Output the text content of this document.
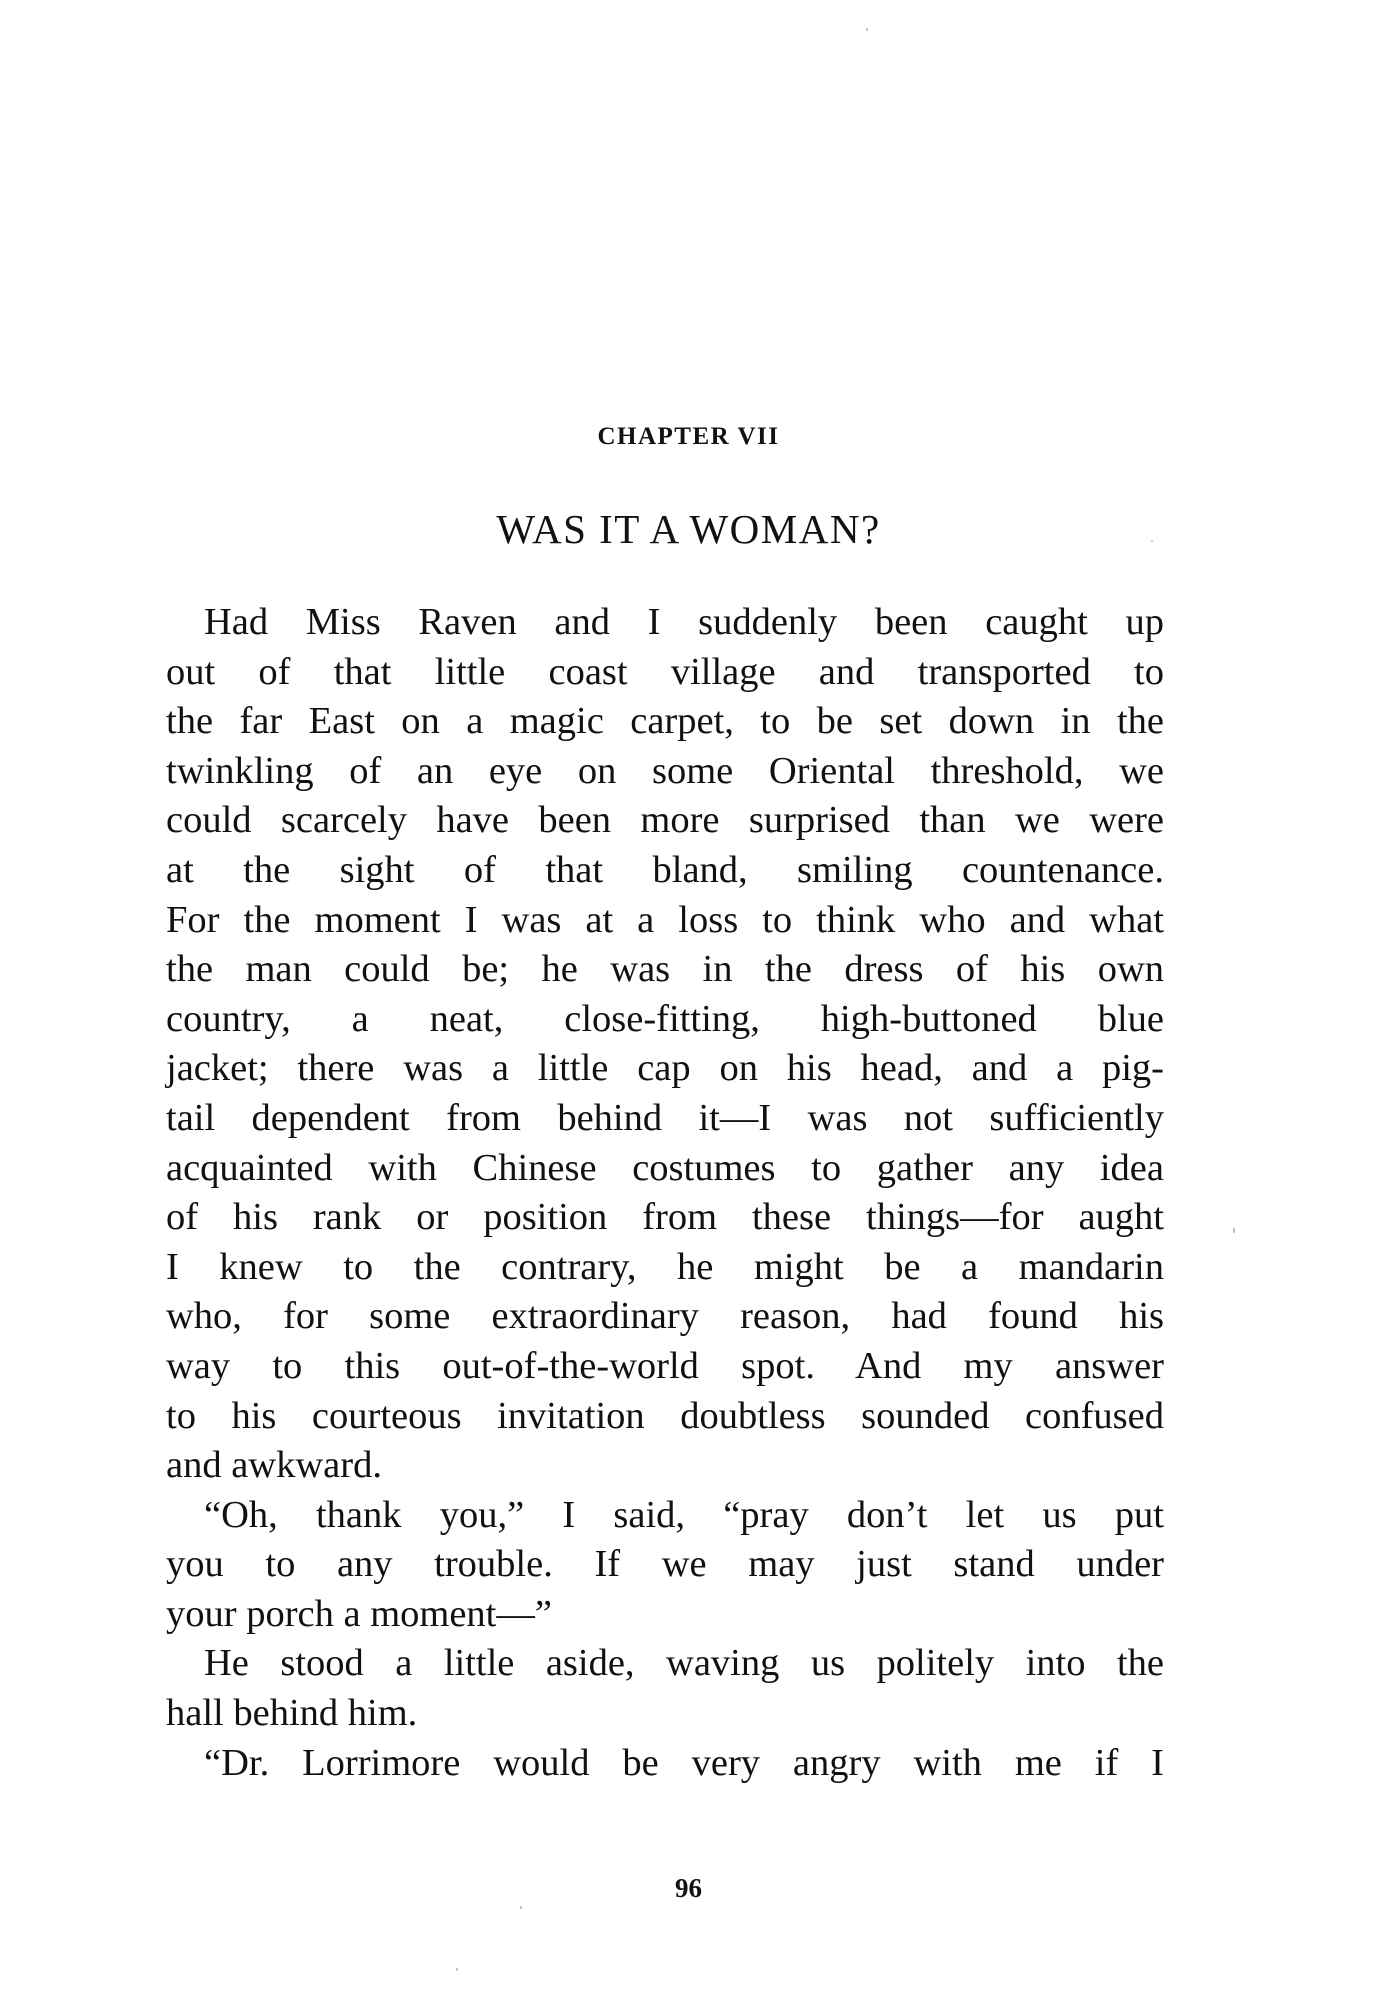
CHAPTER VII
WAS IT A WOMAN?
Had Miss Raven and I suddenly been caught up
out of that little coast village and transported to
the far East on a magic carpet, to be set down in the
twinkling of an eye on some Oriental threshold, we
could scarcely have been more surprised than we were
at the sight of that bland, smiling countenance.
For the moment I was at a loss to think who and what
the man could be; he was in the dress of his own
country, a neat, close-fitting, high-buttoned blue
jacket; there was a little cap on his head, and a pig-
tail dependent from behind it—I was not sufficiently
acquainted with Chinese costumes to gather any idea
of his rank or position from these things—for aught
I knew to the contrary, he might be a mandarin
who, for some extraordinary reason, had found his
way to this out-of-the-world spot. And my answer
to his courteous invitation doubtless sounded confused
and awkward.
“Oh, thank you,” I said, “pray don’t let us put
you to any trouble. If we may just stand under
your porch a moment—”
He stood a little aside, waving us politely into the
hall behind him.
“Dr. Lorrimore would be very angry with me if I
96
